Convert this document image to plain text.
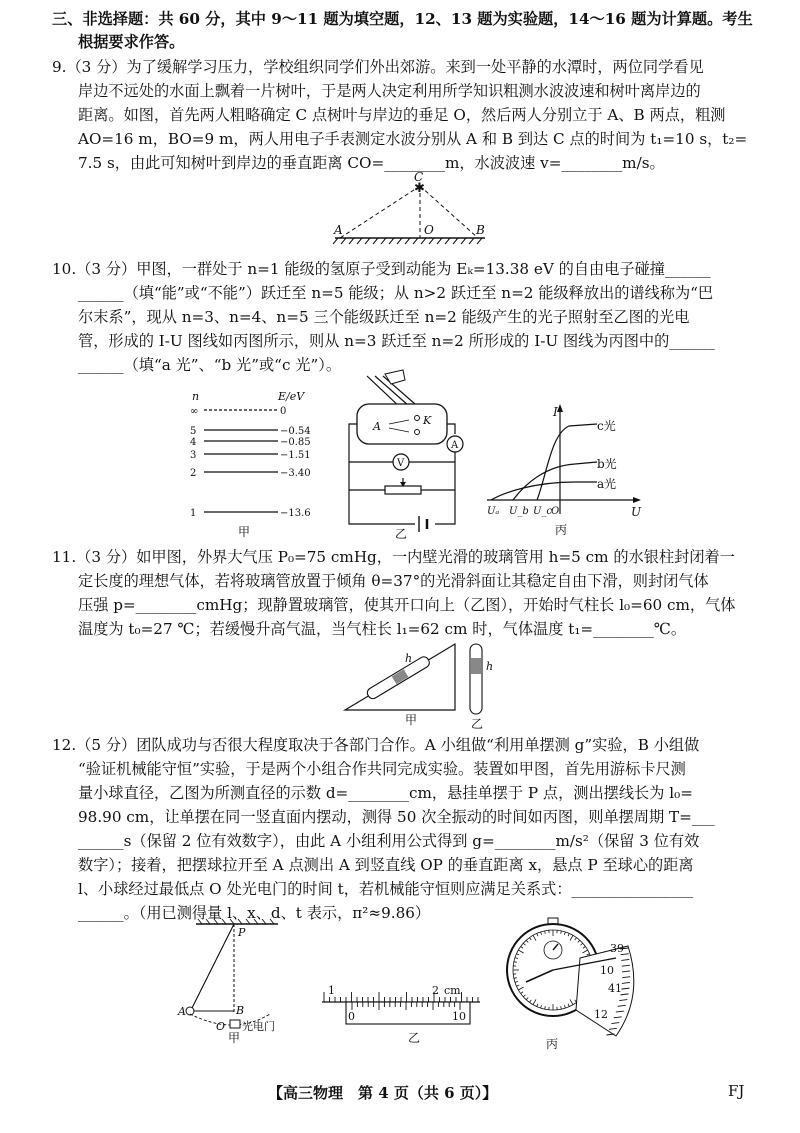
三、非选择题：共 60 分，其中 9～11 题为填空题，12、13 题为实验题，14～16 题为计算题。考生
根据要求作答。
9.（3 分）为了缓解学习压力，学校组织同学们外出郊游。来到一处平静的水潭时，两位同学看见
岸边不远处的水面上飘着一片树叶，于是两人决定利用所学知识粗测水波波速和树叶离岸边的
距离。如图，首先两人粗略确定 C 点树叶与岸边的垂足 O，然后两人分别立于 A、B 两点，粗测
AO=16 m，BO=9 m，两人用电子手表测定水波分别从 A 和 B 到达 C 点的时间为 t₁=10 s，t₂=
7.5 s，由此可知树叶到岸边的垂直距离 CO=________m，水波波速 v=________m/s。
✱
C
A	O	B
10.（3 分）甲图，一群处于 n=1 能级的氢原子受到动能为 Eₖ=13.38 eV 的自由电子碰撞______
______（填“能”或“不能”）跃迁至 n=5 能级；从 n>2 跃迁至 n=2 能级释放出的谱线称为“巴
尔末系”，现从 n=3、n=4、n=5 三个能级跃迁至 n=2 能级产生的光子照射至乙图的光电
管，形成的 I-U 图线如丙图所示，则从 n=3 跃迁至 n=2 所形成的 I-U 图线为丙图中的______
______（填“a 光”、“b 光”或“c 光”）。
n	E/eV
∞	0
5	−0.54
4	−0.85
3	−1.51
2	−3.40
1	−13.6
甲
A	K
A
V
乙
I
U
c光
b光
a光
Uₐ U_b U_c
O
丙
11.（3 分）如甲图，外界大气压 P₀=75 cmHg，一内壁光滑的玻璃管用 h=5 cm 的水银柱封闭着一
定长度的理想气体，若将玻璃管放置于倾角 θ=37°的光滑斜面让其稳定自由下滑，则封闭气体
压强 p=________cmHg；现静置玻璃管，使其开口向上（乙图），开始时气柱长 l₀=60 cm，气体
温度为 t₀=27 ℃；若缓慢升高气温，当气柱长 l₁=62 cm 时，气体温度 t₁=________℃。
h
h
甲	乙
12.（5 分）团队成功与否很大程度取决于各部门合作。A 小组做“利用单摆测 g”实验，B 小组做
“验证机械能守恒”实验，于是两个小组合作共同完成实验。装置如甲图，首先用游标卡尺测
量小球直径，乙图为所测直径的示数 d=________cm，悬挂单摆于 P 点，测出摆线长为 l₀=
98.90 cm，让单摆在同一竖直面内摆动，测得 50 次全振动的时间如丙图，则单摆周期 T=___
______s（保留 2 位有效数字），由此 A 小组利用公式得到 g=________m/s²（保留 3 位有效
数字）；接着，把摆球拉开至 A 点测出 A 到竖直线 OP 的垂直距离 x，悬点 P 至球心的距离
l、小球经过最低点 O 处光电门的时间 t，若机械能守恒则应满足关系式：________________
______。（用已测得量 l、x、d、t 表示，π²≈9.86）
P
A	B
O 光电门
甲
1	2 cm
0	10
乙
39
10
41
12
丙
【高三物理　第 4 页（共 6 页）】	FJ
